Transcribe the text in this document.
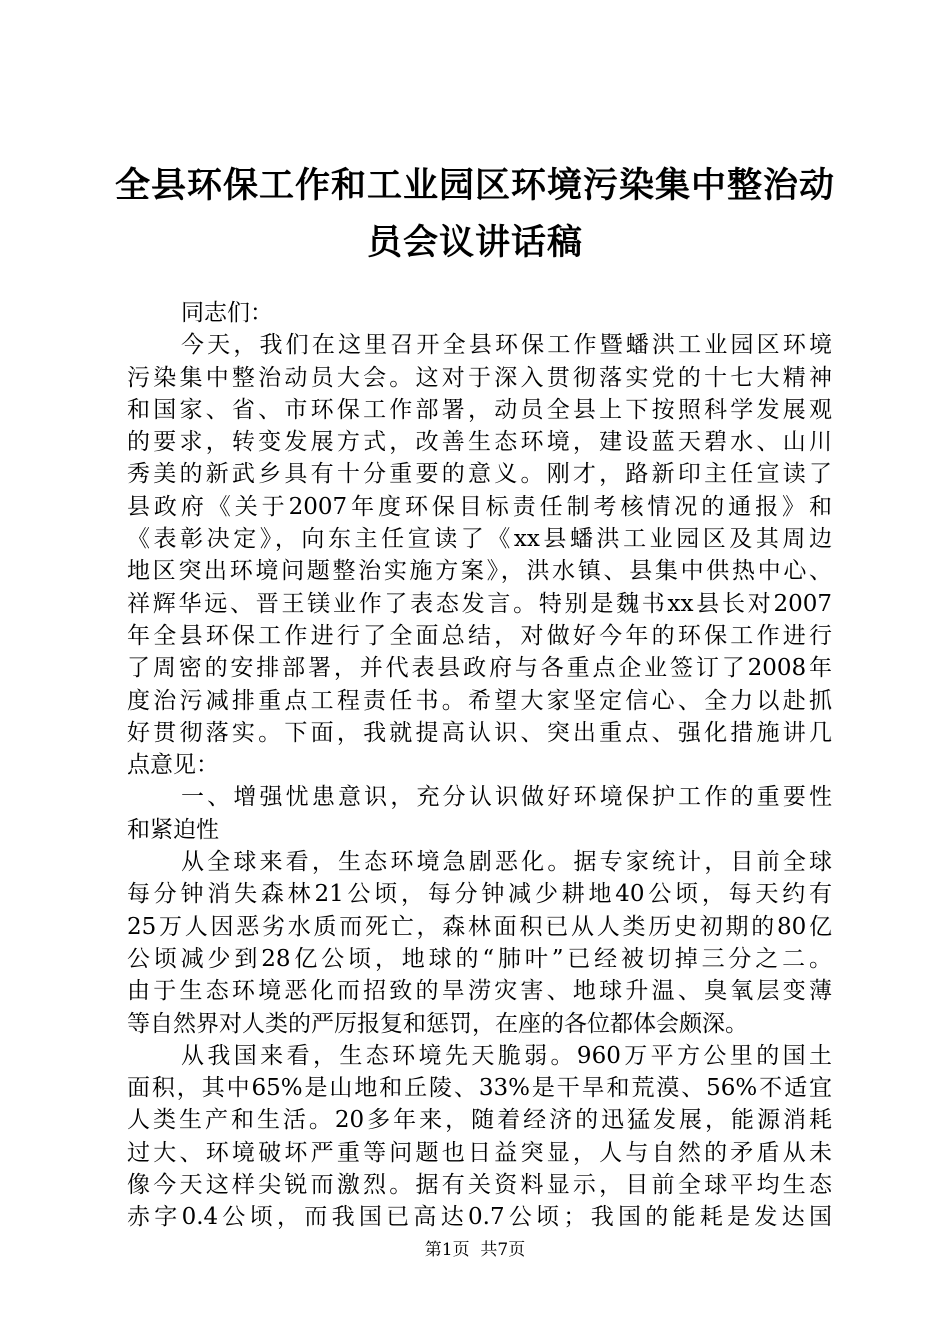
全县环保工作和工业园区环境污染集中整治动
员会议讲话稿
同志们：
今天，我们在这里召开全县环保工作暨蟠洪工业园区环境
污染集中整治动员大会。这对于深入贯彻落实党的十七大精神
和国家、省、市环保工作部署，动员全县上下按照科学发展观
的要求，转变发展方式，改善生态环境，建设蓝天碧水、山川
秀美的新武乡具有十分重要的意义。刚才，路新印主任宣读了
县政府《关于2007年度环保目标责任制考核情况的通报》和
《表彰决定》，向东主任宣读了《xx县蟠洪工业园区及其周边
地区突出环境问题整治实施方案》，洪水镇、县集中供热中心、
祥辉华远、晋王镁业作了表态发言。特别是魏书xx县长对2007
年全县环保工作进行了全面总结，对做好今年的环保工作进行
了周密的安排部署，并代表县政府与各重点企业签订了2008年
度治污减排重点工程责任书。希望大家坚定信心、全力以赴抓
好贯彻落实。下面，我就提高认识、突出重点、强化措施讲几
点意见：
一、增强忧患意识，充分认识做好环境保护工作的重要性
和紧迫性
从全球来看，生态环境急剧恶化。据专家统计，目前全球
每分钟消失森林21公顷，每分钟减少耕地40公顷，每天约有
25万人因恶劣水质而死亡，森林面积已从人类历史初期的80亿
公顷减少到28亿公顷，地球的“肺叶”已经被切掉三分之二。
由于生态环境恶化而招致的旱涝灾害、地球升温、臭氧层变薄
等自然界对人类的严厉报复和惩罚，在座的各位都体会颇深。
从我国来看，生态环境先天脆弱。960万平方公里的国土
面积，其中65%是山地和丘陵、33%是干旱和荒漠、56%不适宜
人类生产和生活。20多年来，随着经济的迅猛发展，能源消耗
过大、环境破坏严重等问题也日益突显，人与自然的矛盾从未
像今天这样尖锐而激烈。据有关资料显示，目前全球平均生态
赤字0.4公顷，而我国已高达0.7公顷；我国的能耗是发达国
第1页  共7页
